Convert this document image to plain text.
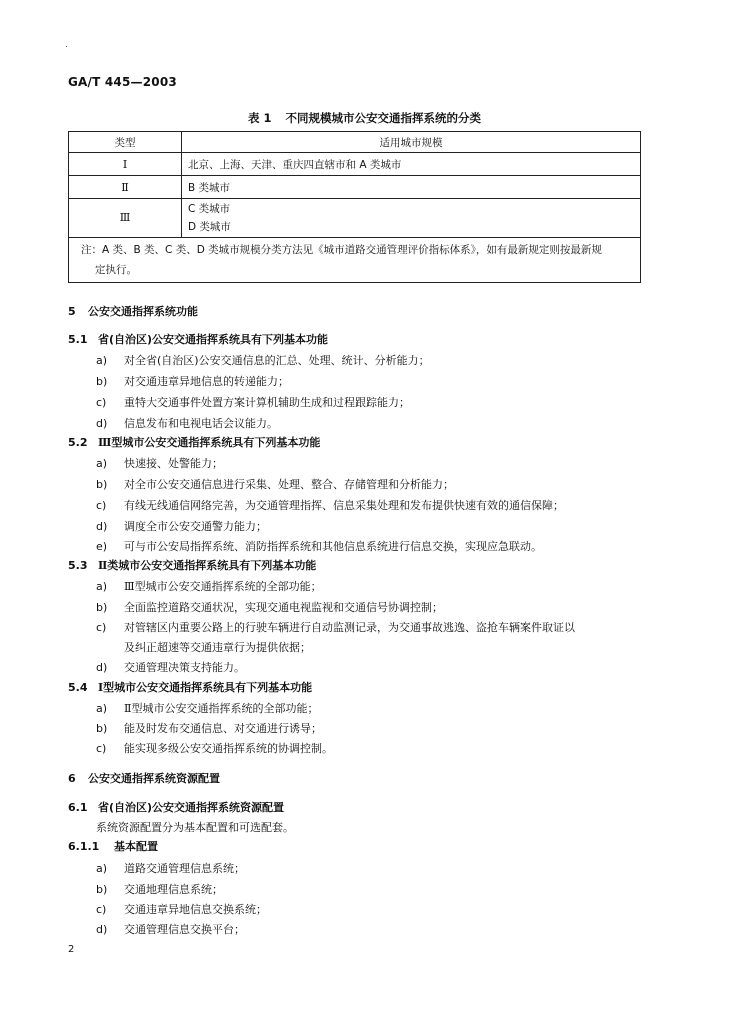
GA/T 445—2003
表 1 不同规模城市公安交通指挥系统的分类
类型	适用城市规模
Ⅰ	北京、上海、天津、重庆四直辖市和 A 类城市
Ⅱ	B 类城市
Ⅲ	C 类城市
D 类城市

注：A 类、B 类、C 类、D 类城市规模分类方法见《城市道路交通管理评价指标体系》，如有最新规定则按最新规
定执行。	
5 公安交通指挥系统功能
5.1 省(自治区)公安交通指挥系统具有下列基本功能
a) 对全省(自治区)公安交通信息的汇总、处理、统计、分析能力；
b) 对交通违章异地信息的转递能力；
c) 重特大交通事件处置方案计算机辅助生成和过程跟踪能力；
d) 信息发布和电视电话会议能力。
5.2 Ⅲ型城市公安交通指挥系统具有下列基本功能
a) 快速接、处警能力；
b) 对全市公安交通信息进行采集、处理、整合、存储管理和分析能力；
c) 有线无线通信网络完善，为交通管理指挥、信息采集处理和发布提供快速有效的通信保障；
d) 调度全市公安交通警力能力；
e) 可与市公安局指挥系统、消防指挥系统和其他信息系统进行信息交换，实现应急联动。
5.3 Ⅱ类城市公安交通指挥系统具有下列基本功能
a) Ⅲ型城市公安交通指挥系统的全部功能；
b) 全面监控道路交通状况，实现交通电视监视和交通信号协调控制；
c) 对管辖区内重要公路上的行驶车辆进行自动监测记录，为交通事故逃逸、盗抢车辆案件取证以
及纠正超速等交通违章行为提供依据；
d) 交通管理决策支持能力。
5.4 Ⅰ型城市公安交通指挥系统具有下列基本功能
a) Ⅱ型城市公安交通指挥系统的全部功能；
b) 能及时发布交通信息、对交通进行诱导；
c) 能实现多级公安交通指挥系统的协调控制。
6 公安交通指挥系统资源配置
6.1 省(自治区)公安交通指挥系统资源配置
系统资源配置分为基本配置和可选配套。
6.1.1 基本配置
a) 道路交通管理信息系统；
b) 交通地理信息系统；
c) 交通违章异地信息交换系统；
d) 交通管理信息交换平台；
2
